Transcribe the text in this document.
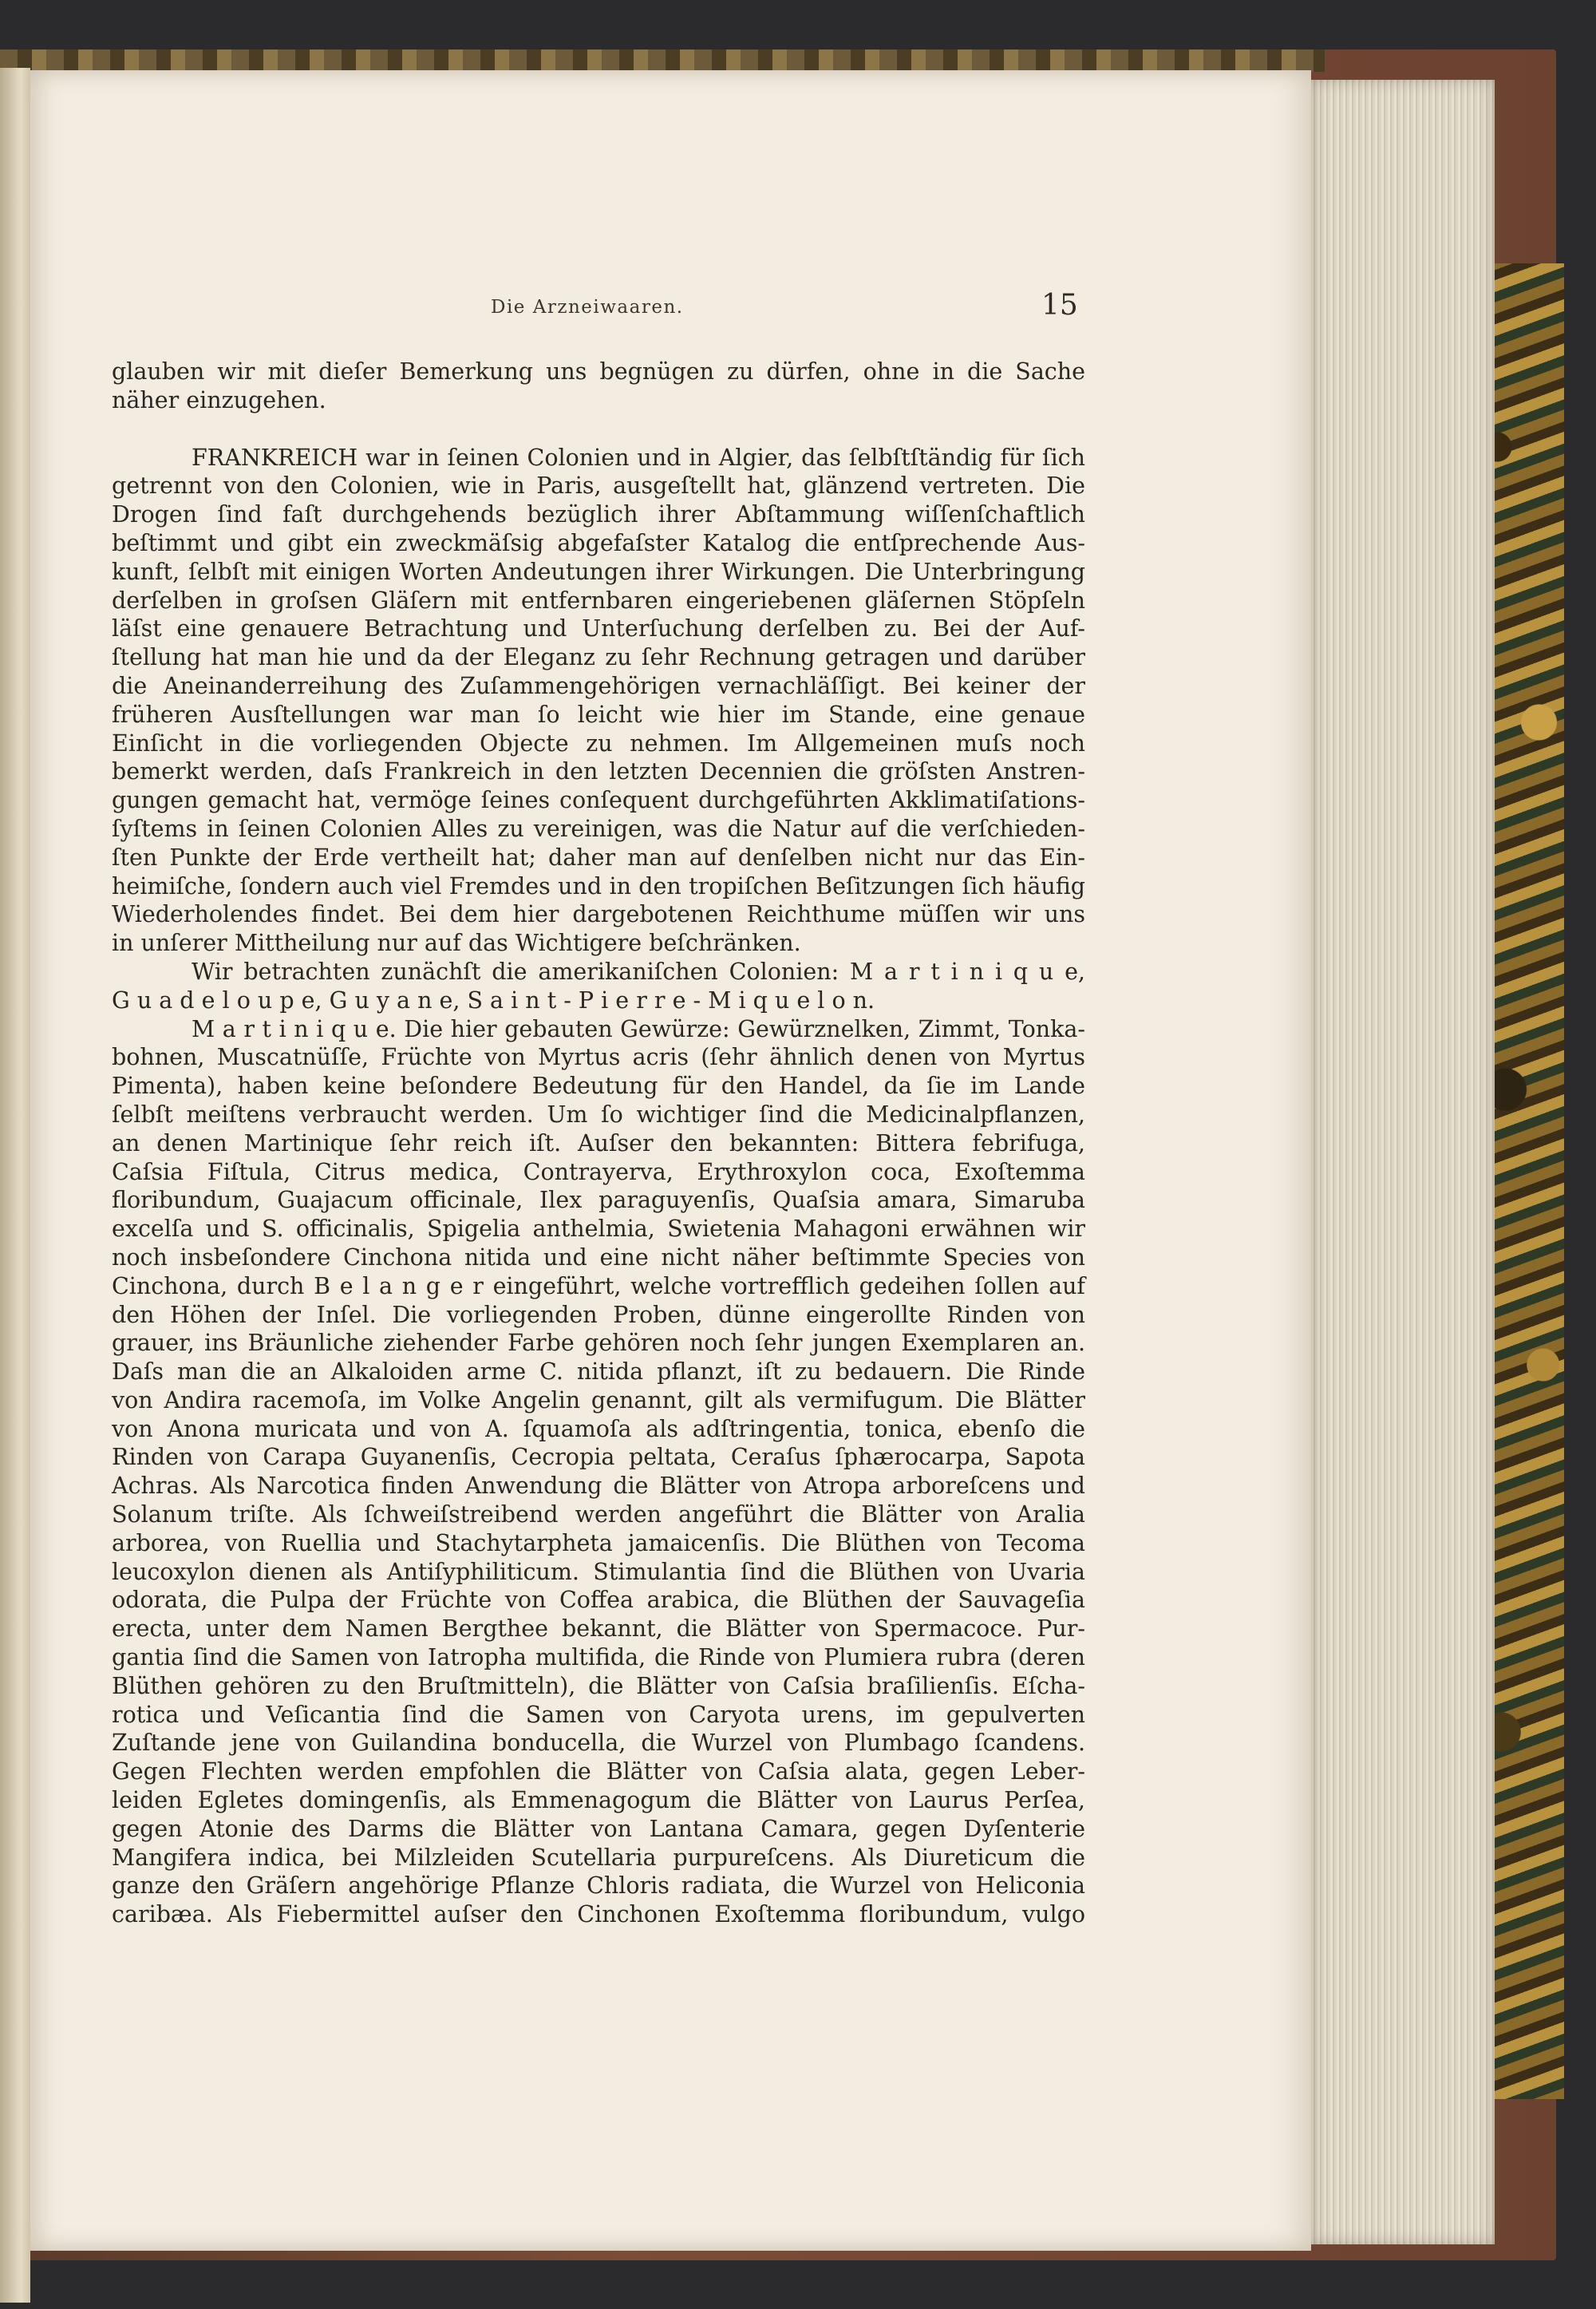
Die Arzneiwaaren.	15
glauben wir mit dieſer Bemerkung uns begnügen zu dürfen, ohne in die Sache
näher einzugehen.
FRANKREICH war in ſeinen Colonien und in Algier, das ſelbſtſtändig für ſich
getrennt von den Colonien, wie in Paris, ausgeſtellt hat, glänzend vertreten. Die
Drogen ſind faſt durchgehends bezüglich ihrer Abſtammung wiſſenſchaftlich
beſtimmt und gibt ein zweckmäſsig abgefaſster Katalog die entſprechende Aus-
kunft, ſelbſt mit einigen Worten Andeutungen ihrer Wirkungen. Die Unterbringung
derſelben in groſsen Gläſern mit entfernbaren eingeriebenen gläſernen Stöpſeln
läſst eine genauere Betrachtung und Unterſuchung derſelben zu. Bei der Auf-
ſtellung hat man hie und da der Eleganz zu ſehr Rechnung getragen und darüber
die Aneinanderreihung des Zuſammengehörigen vernachläſſigt. Bei keiner der
früheren Ausſtellungen war man ſo leicht wie hier im Stande, eine genaue
Einſicht in die vorliegenden Objecte zu nehmen. Im Allgemeinen muſs noch
bemerkt werden, daſs Frankreich in den letzten Decennien die gröſsten Anstren-
gungen gemacht hat, vermöge ſeines conſequent durchgeführten Akklimatiſations-
ſyſtems in ſeinen Colonien Alles zu vereinigen, was die Natur auf die verſchieden-
ſten Punkte der Erde vertheilt hat; daher man auf denſelben nicht nur das Ein-
heimiſche, ſondern auch viel Fremdes und in den tropiſchen Beſitzungen ſich häufig
Wiederholendes findet. Bei dem hier dargebotenen Reichthume müſſen wir uns
in unſerer Mittheilung nur auf das Wichtigere beſchränken.
Wir betrachten zunächſt die amerikaniſchen Colonien: M a r t i n i q u e,
G u a d e l o u p e, G u y a n e, S a i n t - P i e r r e - M i q u e l o n.
M a r t i n i q u e. Die hier gebauten Gewürze: Gewürznelken, Zimmt, Tonka-
bohnen, Muscatnüſſe, Früchte von Myrtus acris (ſehr ähnlich denen von Myrtus
Pimenta), haben keine beſondere Bedeutung für den Handel, da ſie im Lande
ſelbſt meiſtens verbraucht werden. Um ſo wichtiger ſind die Medicinalpflanzen,
an denen Martinique ſehr reich iſt. Auſser den bekannten: Bittera febrifuga,
Caſsia Fiſtula, Citrus medica, Contrayerva, Erythroxylon coca, Exoſtemma
floribundum, Guajacum officinale, Ilex paraguyenſis, Quaſsia amara, Simaruba
excelſa und S. officinalis, Spigelia anthelmia, Swietenia Mahagoni erwähnen wir
noch insbeſondere Cinchona nitida und eine nicht näher beſtimmte Species von
Cinchona, durch B e l a n g e r eingeführt, welche vortrefflich gedeihen ſollen auf
den Höhen der Inſel. Die vorliegenden Proben, dünne eingerollte Rinden von
grauer, ins Bräunliche ziehender Farbe gehören noch ſehr jungen Exemplaren an.
Daſs man die an Alkaloiden arme C. nitida pflanzt, iſt zu bedauern. Die Rinde
von Andira racemoſa, im Volke Angelin genannt, gilt als vermifugum. Die Blätter
von Anona muricata und von A. ſquamoſa als adſtringentia, tonica, ebenſo die
Rinden von Carapa Guyanenſis, Cecropia peltata, Ceraſus ſphærocarpa, Sapota
Achras. Als Narcotica finden Anwendung die Blätter von Atropa arboreſcens und
Solanum triſte. Als ſchweiſstreibend werden angeführt die Blätter von Aralia
arborea, von Ruellia und Stachytarpheta jamaicenſis. Die Blüthen von Tecoma
leucoxylon dienen als Antiſyphiliticum. Stimulantia ſind die Blüthen von Uvaria
odorata, die Pulpa der Früchte von Coffea arabica, die Blüthen der Sauvageſia
erecta, unter dem Namen Bergthee bekannt, die Blätter von Spermacoce. Pur-
gantia ſind die Samen von Iatropha multifida, die Rinde von Plumiera rubra (deren
Blüthen gehören zu den Bruſtmitteln), die Blätter von Caſsia braſilienſis. Eſcha-
rotica und Veſicantia ſind die Samen von Caryota urens, im gepulverten
Zuſtande jene von Guilandina bonducella, die Wurzel von Plumbago ſcandens.
Gegen Flechten werden empfohlen die Blätter von Caſsia alata, gegen Leber-
leiden Egletes domingenſis, als Emmenagogum die Blätter von Laurus Perſea,
gegen Atonie des Darms die Blätter von Lantana Camara, gegen Dyſenterie
Mangifera indica, bei Milzleiden Scutellaria purpureſcens. Als Diureticum die
ganze den Gräſern angehörige Pflanze Chloris radiata, die Wurzel von Heliconia
caribæa. Als Fiebermittel auſser den Cinchonen Exoſtemma floribundum, vulgo
